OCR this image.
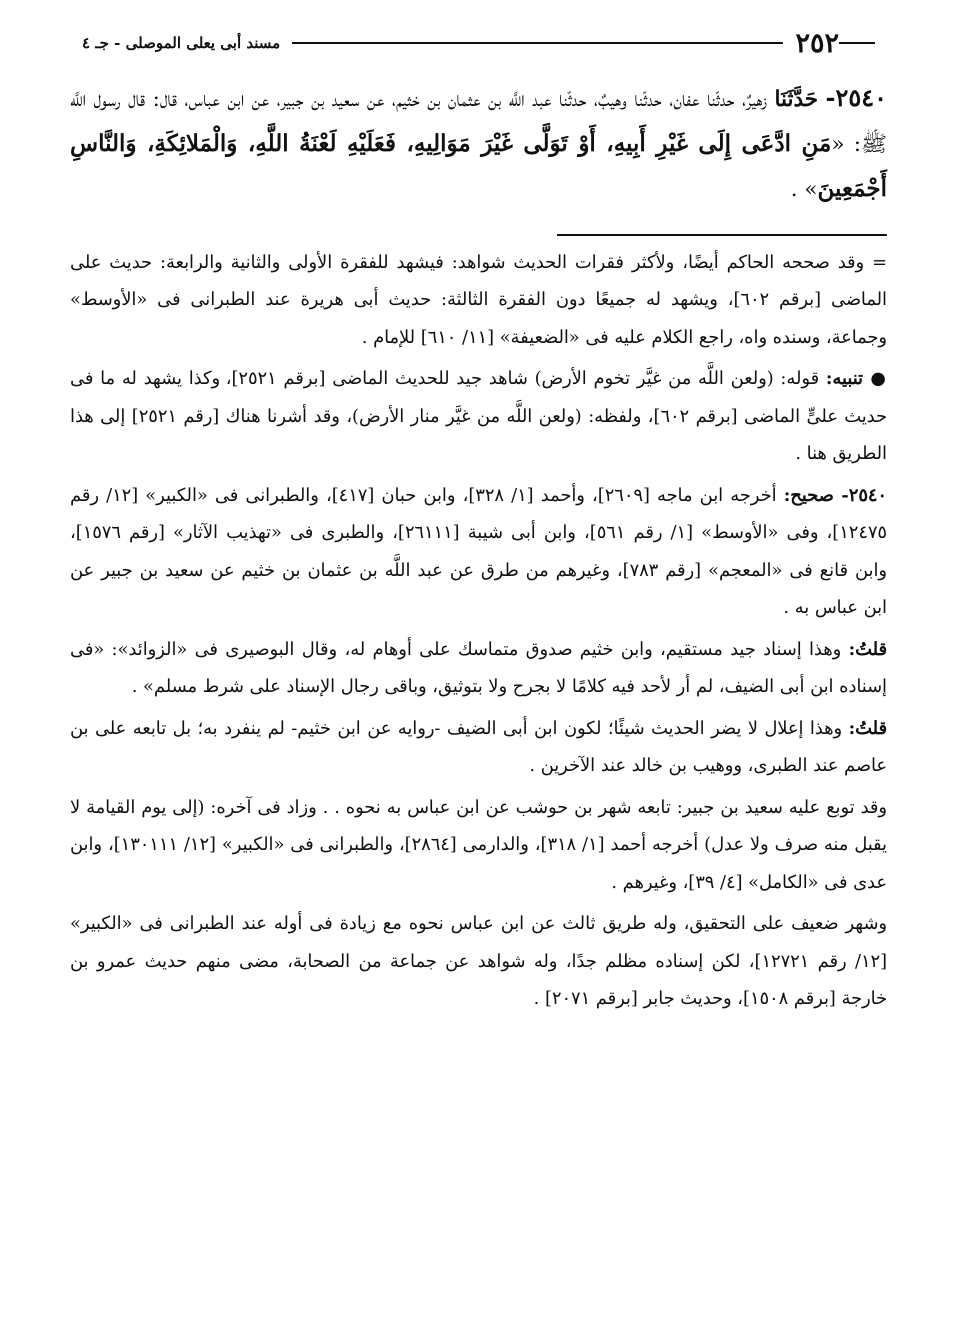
٢٥٢
مسند أبى يعلى الموصلى - جـ ٤

٢٥٤٠- حَدَّثَنَا زهيرٌ، حدثّنا عفان، حدثّنا وهيبٌ، حدثّنا عبد اللَّه بن عثمان بن خثيم، عن سعيد بن جبير، عن ابن عباس، قال: قال رسول اللَّه ﷺ: «مَنِ ادَّعَى إِلَى غَيْرِ أَبِيهِ، أَوْ تَوَلَّى غَيْرَ مَوَالِيهِ، فَعَلَيْهِ لَعْنَةُ اللَّهِ، وَالْمَلائِكَةِ، وَالنَّاسِ أَجْمَعِينَ» .

= وقد صححه الحاكم أيضًا، ولأكثر فقرات الحديث شواهد: فيشهد للفقرة الأولى والثانية والرابعة: حديث على الماضى [برقم ٦٠٢]، ويشهد له جميعًا دون الفقرة الثالثة: حديث أبى هريرة عند الطبرانى فى «الأوسط» وجماعة، وسنده واه، راجع الكلام عليه فى «الضعيفة» [١١/ ٦١٠] للإمام .

● تنبيه: قوله: (ولعن اللَّه من غيَّر تخوم الأرض) شاهد جيد للحديث الماضى [برقم ٢٥٢١]، وكذا يشهد له ما فى حديث علىٍّ الماضى [برقم ٦٠٢]، ولفظه: (ولعن اللَّه من غيَّر منار الأرض)، وقد أشرنا هناك [رقم ٢٥٢١] إلى هذا الطريق هنا .

٢٥٤٠- صحيح: أخرجه ابن ماجه [٢٦٠٩]، وأحمد [١/ ٣٢٨]، وابن حبان [٤١٧]، والطبرانى فى «الكبير» [١٢/ رقم ١٢٤٧٥]، وفى «الأوسط» [١/ رقم ٥٦١]، وابن أبى شيبة [٢٦١١١]، والطبرى فى «تهذيب الآثار» [رقم ١٥٧٦]، وابن قانع فى «المعجم» [رقم ٧٨٣]، وغيرهم من طرق عن عبد اللَّه بن عثمان بن خثيم عن سعيد بن جبير عن ابن عباس به .

قلتُ: وهذا إسناد جيد مستقيم، وابن خثيم صدوق متماسك على أوهام له، وقال البوصيرى فى «الزوائد»: «فى إسناده ابن أبى الضيف، لم أر لأحد فيه كلامًا لا بجرح ولا بتوثيق، وباقى رجال الإسناد على شرط مسلم» .

قلتُ: وهذا إعلال لا يضر الحديث شيئًا؛ لكون ابن أبى الضيف -روايه عن ابن خثيم- لم ينفرد به؛ بل تابعه على بن عاصم عند الطبرى، ووهيب بن خالد عند الآخرين .

وقد توبع عليه سعيد بن جبير: تابعه شهر بن حوشب عن ابن عباس به نحوه . . وزاد فى آخره: (إلى يوم القيامة لا يقبل منه صرف ولا عدل) أخرجه أحمد [١/ ٣١٨]، والدارمى [٢٨٦٤]، والطبرانى فى «الكبير» [١٢/ ١٣٠١١١]، وابن عدى فى «الكامل» [٤/ ٣٩]، وغيرهم .

وشهر ضعيف على التحقيق، وله طريق ثالث عن ابن عباس نحوه مع زيادة فى أوله عند الطبرانى فى «الكبير» [١٢/ رقم ١٢٧٢١]، لكن إسناده مظلم جدًا، وله شواهد عن جماعة من الصحابة، مضى منهم حديث عمرو بن خارجة [برقم ١٥٠٨]، وحديث جابر [برقم ٢٠٧١] .
